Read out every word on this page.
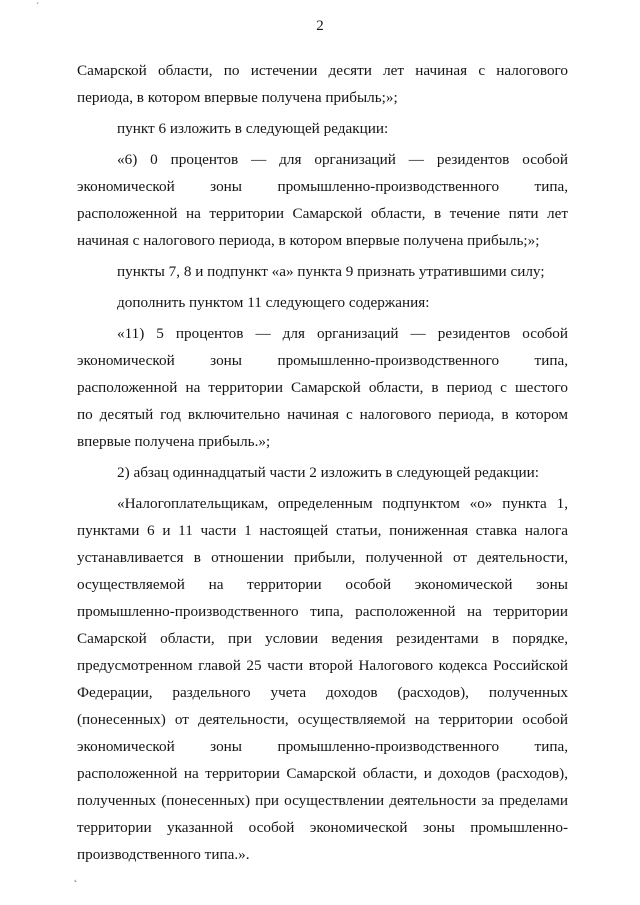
2
ˊ
˛
Самарской области, по истечении десяти лет начиная с налогового
периода, в котором впервые получена прибыль;»;
пункт 6 изложить в следующей редакции:
«6) 0 процентов — для организаций — резидентов особой
экономической зоны промышленно-производственного типа,
расположенной на территории Самарской области, в течение пяти лет
начиная с налогового периода, в котором впервые получена прибыль;»;
пункты 7, 8 и подпункт «а» пункта 9 признать утратившими силу;
дополнить пунктом 11 следующего содержания:
«11) 5 процентов — для организаций — резидентов особой
экономической зоны промышленно-производственного типа,
расположенной на территории Самарской области, в период с шестого
по десятый год включительно начиная с налогового периода, в котором
впервые получена прибыль.»;
2) абзац одиннадцатый части 2 изложить в следующей редакции:
«Налогоплательщикам, определенным подпунктом «о» пункта 1,
пунктами 6 и 11 части 1 настоящей статьи, пониженная ставка налога
устанавливается в отношении прибыли, полученной от деятельности,
осуществляемой на территории особой экономической зоны
промышленно-производственного типа, расположенной на территории
Самарской области, при условии ведения резидентами в порядке,
предусмотренном главой 25 части второй Налогового кодекса Российской
Федерации, раздельного учета доходов (расходов), полученных
(понесенных) от деятельности, осуществляемой на территории особой
экономической зоны промышленно-производственного типа,
расположенной на территории Самарской области, и доходов (расходов),
полученных (понесенных) при осуществлении деятельности за пределами
территории указанной особой экономической зоны промышленно-
производственного типа.».
